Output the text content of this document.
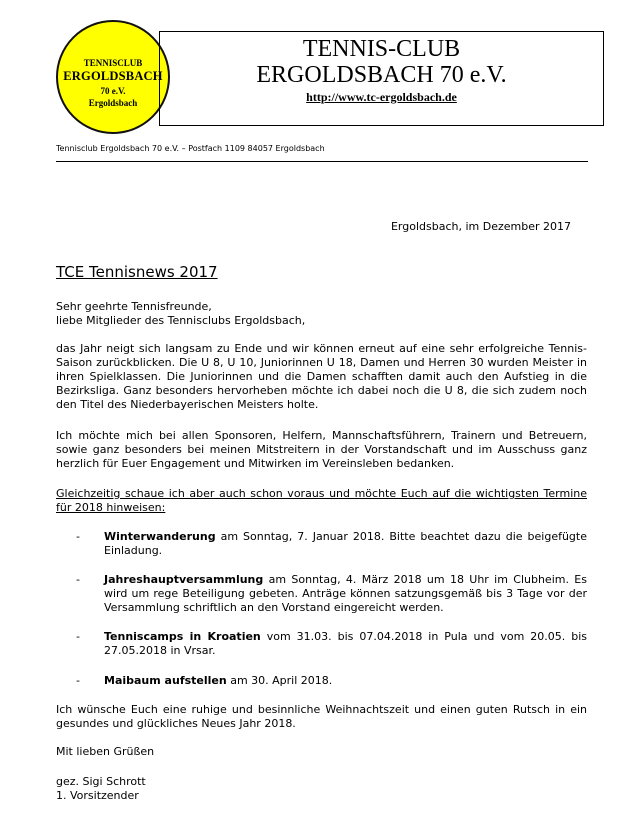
TENNISCLUB
ERGOLDSBACH
70 e.V.
Ergoldsbach
TENNIS-CLUB
ERGOLDSBACH 70 e.V.
http://www.tc-ergoldsbach.de
Tennisclub Ergoldsbach 70 e.V. – Postfach 1109 84057 Ergoldsbach
Ergoldsbach, im Dezember 2017
TCE Tennisnews 2017
Sehr geehrte Tennisfreunde,
liebe Mitglieder des Tennisclubs Ergoldsbach,

das Jahr neigt sich langsam zu Ende und wir können erneut auf eine sehr erfolgreiche Tennis-Saison zurückblicken. Die U 8, U 10, Juniorinnen U 18, Damen und Herren 30 wurden Meister in ihren Spielklassen. Die Juniorinnen und die Damen schafften damit auch den Aufstieg in die Bezirksliga. Ganz besonders hervorheben möchte ich dabei noch die U 8, die sich zudem noch den Titel des Niederbayerischen Meisters holte.

Ich möchte mich bei allen Sponsoren, Helfern, Mannschaftsführern, Trainern und Betreuern, sowie ganz besonders bei meinen Mitstreitern in der Vorstandschaft und im Ausschuss ganz herzlich für Euer Engagement und Mitwirken im Vereinsleben bedanken.

Gleichzeitig schaue ich aber auch schon voraus und möchte Euch auf die wichtigsten Termine für 2018 hinweisen:

- Winterwanderung am Sonntag, 7. Januar 2018. Bitte beachtet dazu die beigefügte Einladung.
- Jahreshauptversammlung am Sonntag, 4. März 2018 um 18 Uhr im Clubheim. Es wird um rege Beteiligung gebeten. Anträge können satzungsgemäß bis 3 Tage vor der Versammlung schriftlich an den Vorstand eingereicht werden.
- Tenniscamps in Kroatien vom 31.03. bis 07.04.2018 in Pula und vom 20.05. bis 27.05.2018 in Vrsar.
- Maibaum aufstellen am 30. April 2018.

Ich wünsche Euch eine ruhige und besinnliche Weihnachtszeit und einen guten Rutsch in ein gesundes und glückliches Neues Jahr 2018.

Mit lieben Grüßen
gez. Sigi Schrott
1. Vorsitzender
